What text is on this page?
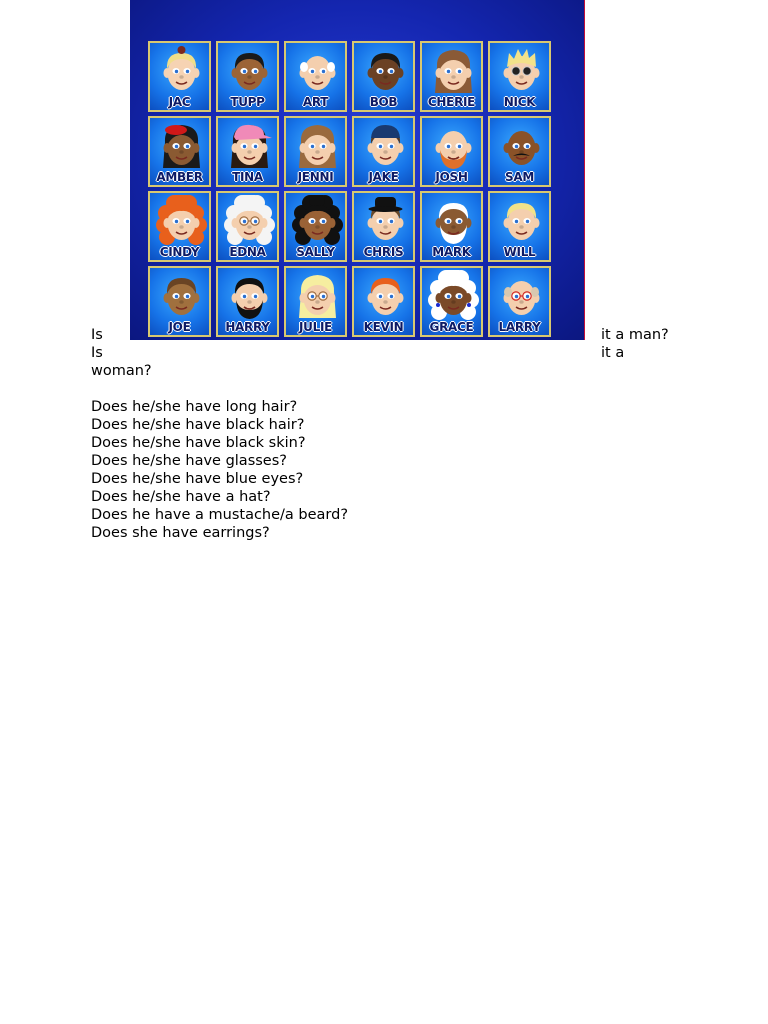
JAC	TUPP	ART	BOB	CHERIE	NICK
AMBER	TINA	JENNI	JAKE	JOSH	SAM
CINDY	EDNA	SALLY	CHRIS	MARK	WILL
JOE	HARRY	JULIE	KEVIN	GRACE	LARRY
Is	it a man?
Is	it a
woman?
Does he/she have long hair?
Does he/she have black hair?
Does he/she have black skin?
Does he/she have glasses?
Does he/she have blue eyes?
Does he/she have a hat?
Does he have a mustache/a beard?
Does she have earrings?
